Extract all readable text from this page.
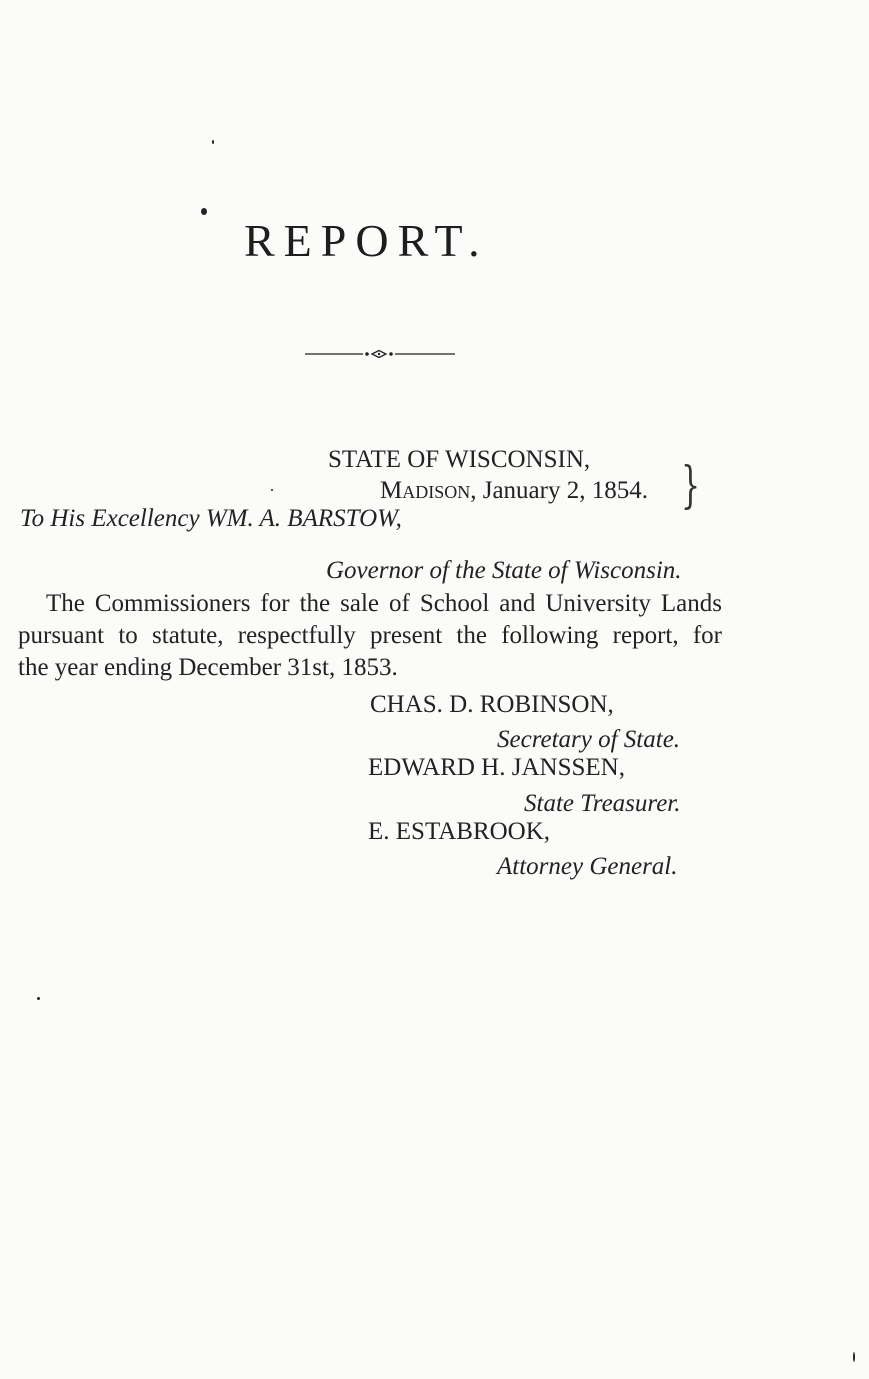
REPORT.
STATE OF WISCONSIN,
Madison, January 2, 1854. }
To His Excellency WM. A. BARSTOW,
Governor of the State of Wisconsin.
The Commissioners for the sale of School and University Lands
pursuant to statute, respectfully present the following report, for
the year ending December 31st, 1853.
CHAS. D. ROBINSON,
Secretary of State.
EDWARD H. JANSSEN,
State Treasurer.
E. ESTABROOK,
Attorney General.
